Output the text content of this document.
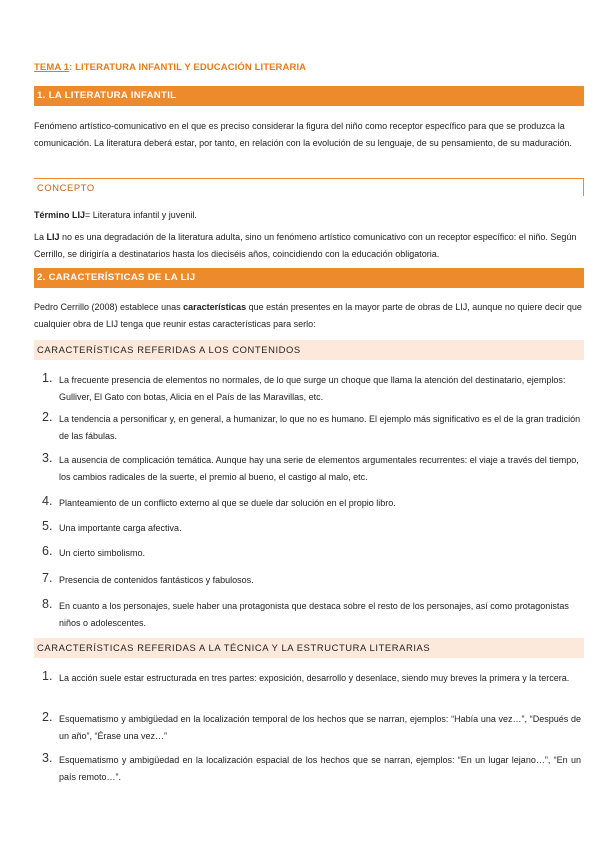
TEMA 1: LITERATURA INFANTIL Y EDUCACIÓN LITERARIA
1. LA LITERATURA INFANTIL
Fenómeno artístico-comunicativo en el que es preciso considerar la figura del niño como receptor específico para que se produzca la comunicación. La literatura deberá estar, por tanto, en relación con la evolución de su lenguaje, de su pensamiento, de su maduración.
CONCEPTO
Término LIJ= Literatura infantil y juvenil.
La LIJ no es una degradación de la literatura adulta, sino un fenómeno artístico comunicativo con un receptor específico: el niño. Según Cerrillo, se dirigiría a destinatarios hasta los dieciséis años, coincidiendo con la educación obligatoria.
2. CARACTERÍSTICAS DE LA LIJ
Pedro Cerrillo (2008) establece unas características que están presentes en la mayor parte de obras de LIJ, aunque no quiere decir que cualquier obra de LIJ tenga que reunir estas características para serlo:
CARACTERÍSTICAS REFERIDAS A LOS CONTENIDOS
1. La frecuente presencia de elementos no normales, de lo que surge un choque que llama la atención del destinatario, ejemplos: Gulliver, El Gato con botas, Alicia en el País de las Maravillas, etc.
2. La tendencia a personificar y, en general, a humanizar, lo que no es humano. El ejemplo más significativo es el de la gran tradición de las fábulas.
3. La ausencia de complicación temática. Aunque hay una serie de elementos argumentales recurrentes: el viaje a través del tiempo, los cambios radicales de la suerte, el premio al bueno, el castigo al malo, etc.
4. Planteamiento de un conflicto externo al que se duele dar solución en el propio libro.
5. Una importante carga afectiva.
6. Un cierto simbolismo.
7. Presencia de contenidos fantásticos y fabulosos.
8. En cuanto a los personajes, suele haber una protagonista que destaca sobre el resto de los personajes, así como protagonistas niños o adolescentes.
CARACTERÍSTICAS REFERIDAS A LA TÉCNICA Y LA ESTRUCTURA LITERARIAS
1. La acción suele estar estructurada en tres partes: exposición, desarrollo y desenlace, siendo muy breves la primera y la tercera.
2. Esquematismo y ambigüedad en la localización temporal de los hechos que se narran, ejemplos: “Había una vez…”, “Después de un año”, “Érase una vez…”
3. Esquematismo y ambigüedad en la localización espacial de los hechos que se narran, ejemplos: “En un lugar lejano…”, “En un país remoto…”.
